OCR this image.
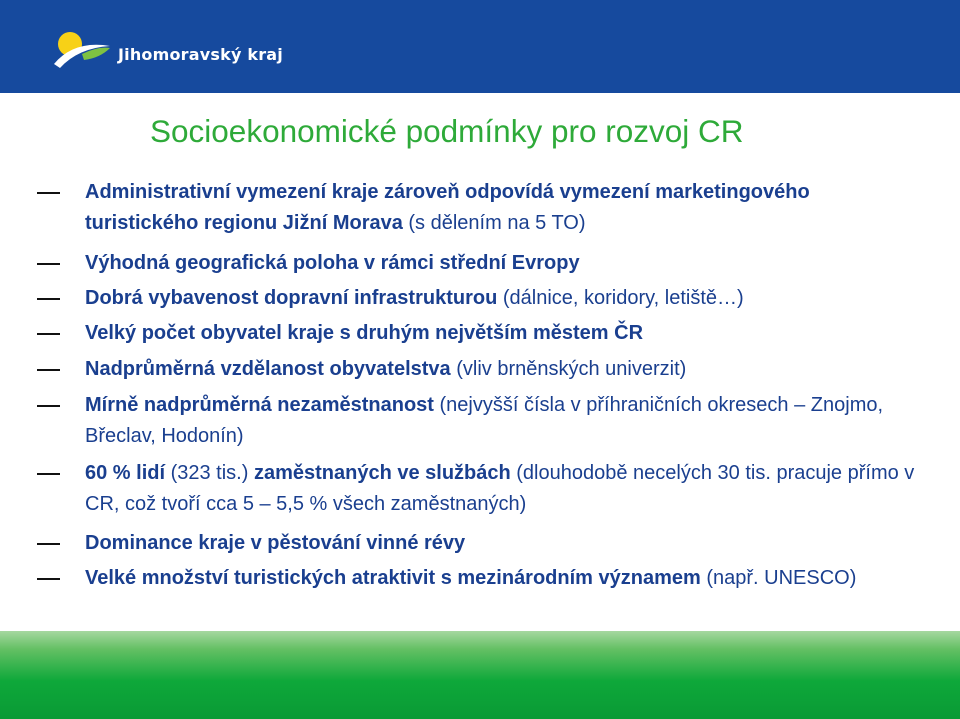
Jihomoravský kraj
Socioekonomické podmínky pro rozvoj CR

Administrativní vymezení kraje zároveň odpovídá vymezení marketingového turistického regionu Jižní Morava (s dělením na 5 TO)

Výhodná geografická poloha v rámci střední Evropy

Dobrá vybavenost dopravní infrastrukturou (dálnice, koridory, letiště…)

Velký počet obyvatel kraje s druhým největším městem ČR

Nadprůměrná vzdělanost obyvatelstva (vliv brněnských univerzit)

Mírně nadprůměrná nezaměstnanost (nejvyšší čísla v příhraničních okresech – Znojmo, Břeclav, Hodonín)

60 % lidí (323 tis.) zaměstnaných ve službách (dlouhodobě necelých 30 tis. pracuje přímo v CR, což tvoří cca 5 – 5,5 % všech zaměstnaných)

Dominance kraje v pěstování vinné révy

Velké množství turistických atraktivit s mezinárodním významem (např. UNESCO)
